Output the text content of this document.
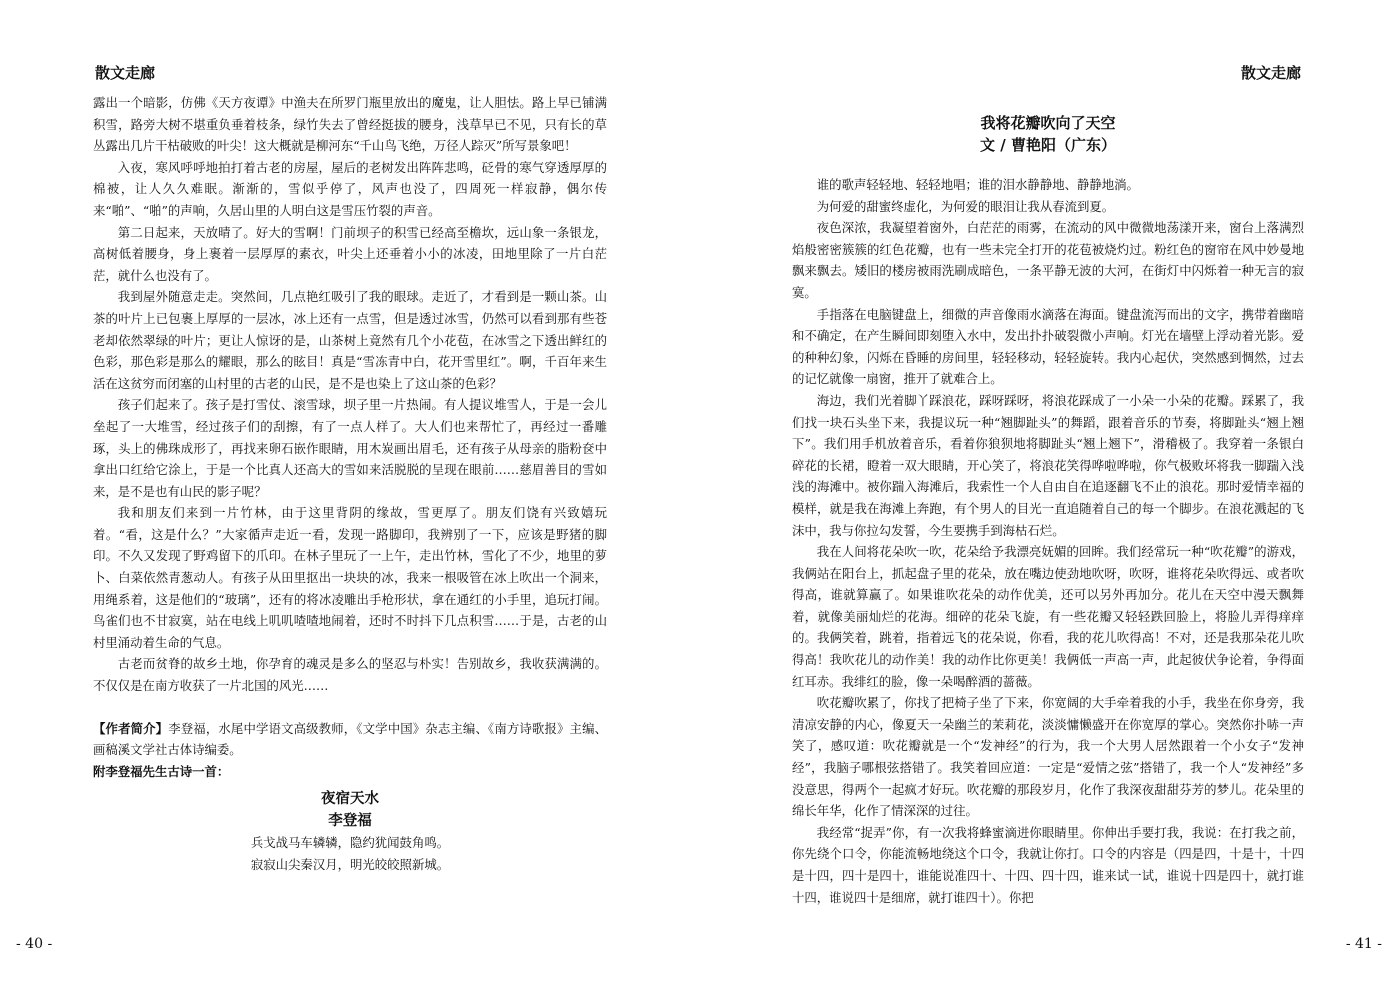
散文走廊

露出一个暗影，仿佛《天方夜谭》中渔夫在所罗门瓶里放出的魔鬼，让人胆怯。路上早已铺满积雪，路旁大树不堪重负垂着枝条，绿竹失去了曾经挺拔的腰身，浅草早已不见，只有长的草丛露出几片干枯破败的叶尖！这大概就是柳河东“千山鸟飞绝，万径人踪灭”所写景象吧！

入夜，寒风呼呼地拍打着古老的房屋，屋后的老树发出阵阵悲鸣，砭骨的寒气穿透厚厚的棉被，让人久久难眠。渐渐的，雪似乎停了，风声也没了，四周死一样寂静，偶尔传来“啪”、“啪”的声响，久居山里的人明白这是雪压竹裂的声音。

第二日起来，天放晴了。好大的雪啊！门前坝子的积雪已经高至檐坎，远山象一条银龙，高树低着腰身，身上裹着一层厚厚的素衣，叶尖上还垂着小小的冰凌，田地里除了一片白茫茫，就什么也没有了。

我到屋外随意走走。突然间，几点艳红吸引了我的眼球。走近了，才看到是一颗山茶。山茶的叶片上已包裹上厚厚的一层冰，冰上还有一点雪，但是透过冰雪，仍然可以看到那有些苍老却依然翠绿的叶片；更让人惊讶的是，山茶树上竟然有几个小花苞，在冰雪之下透出鲜红的色彩，那色彩是那么的耀眼，那么的眩目！真是“雪冻青中白，花开雪里红”。啊，千百年来生活在这贫穷而闭塞的山村里的古老的山民，是不是也染上了这山茶的色彩？

孩子们起来了。孩子是打雪仗、滚雪球，坝子里一片热闹。有人提议堆雪人，于是一会儿垒起了一大堆雪，经过孩子们的刮擦，有了一点人样了。大人们也来帮忙了，再经过一番雕琢，头上的佛珠成形了，再找来卵石嵌作眼睛，用木炭画出眉毛，还有孩子从母亲的脂粉奁中拿出口红给它涂上，于是一个比真人还高大的雪如来活脱脱的呈现在眼前……慈眉善目的雪如来，是不是也有山民的影子呢？

我和朋友们来到一片竹林，由于这里背阴的缘故，雪更厚了。朋友们饶有兴致嬉玩着。“看，这是什么？”大家循声走近一看，发现一路脚印，我辨别了一下，应该是野猪的脚印。不久又发现了野鸡留下的爪印。在林子里玩了一上午，走出竹林，雪化了不少，地里的萝卜、白菜依然青葱动人。有孩子从田里抠出一块块的冰，我来一根吸管在冰上吹出一个洞来，用绳系着，这是他们的“玻璃”，还有的将冰凌雕出手枪形状，拿在通红的小手里，追玩打闹。鸟雀们也不甘寂寞，站在电线上叽叽喳喳地闹着，还时不时抖下几点积雪……于是，古老的山村里涌动着生命的气息。

古老而贫脊的故乡土地，你孕育的魂灵是多么的坚忍与朴实！告别故乡，我收获满满的。不仅仅是在南方收获了一片北国的风光……

【作者简介】李登福，水尾中学语文高级教师，《文学中国》杂志主编、《南方诗歌报》主编、画稿溪文学社古体诗编委。

附李登福先生古诗一首：

夜宿天水
李登福
兵戈战马车辚辚，隐约犹闻鼓角鸣。
寂寂山尖秦汉月，明光皎皎照新城。
- 40 -
散文走廊
我将花瓣吹向了天空
文 / 曹艳阳（广东）

谁的歌声轻轻地、轻轻地唱；谁的泪水静静地、静静地淌。

为何爱的甜蜜终虚化，为何爱的眼泪让我从春流到夏。

夜色深浓，我凝望着窗外，白茫茫的雨雾，在流动的风中微微地荡漾开来，窗台上落满烈焰般密密簇簇的红色花瓣，也有一些未完全打开的花苞被烧灼过。粉红色的窗帘在风中妙曼地飘来飘去。矮旧的楼房被雨洗刷成暗色，一条平静无波的大河，在街灯中闪烁着一种无言的寂寞。

手指落在电脑键盘上，细微的声音像雨水滴落在海面。键盘流泻而出的文字，携带着幽暗和不确定，在产生瞬间即刻堕入水中，发出扑扑破裂微小声响。灯光在墙壁上浮动着光影。爱的种种幻象，闪烁在昏睡的房间里，轻轻移动，轻轻旋转。我内心起伏，突然感到惆然，过去的记忆就像一扇窗，推开了就难合上。

海边，我们光着脚丫踩浪花，踩呀踩呀，将浪花踩成了一小朵一小朵的花瓣。踩累了，我们找一块石头坐下来，我提议玩一种“翘脚趾头”的舞蹈，跟着音乐的节奏，将脚趾头“翘上翘下”。我们用手机放着音乐，看着你狼狈地将脚趾头“翘上翘下”，滑稽极了。我穿着一条银白碎花的长裙，瞪着一双大眼睛，开心笑了，将浪花笑得哗啦哗啦，你气极败坏将我一脚踹入浅浅的海滩中。被你踹入海滩后，我索性一个人自由自在追逐翻飞不止的浪花。那时爱情幸福的模样，就是我在海滩上奔跑，有个男人的目光一直追随着自己的每一个脚步。在浪花溅起的飞沫中，我与你拉勾发誓，今生要携手到海枯石烂。

我在人间将花朵吹一吹，花朵给予我漂亮妩媚的回眸。我们经常玩一种“吹花瓣”的游戏，我俩站在阳台上，抓起盘子里的花朵，放在嘴边使劲地吹呀，吹呀，谁将花朵吹得远、或者吹得高，谁就算赢了。如果谁吹花朵的动作优美，还可以另外再加分。花儿在天空中漫天飘舞着，就像美丽灿烂的花海。细碎的花朵飞旋，有一些花瓣又轻轻跌回脸上，将脸儿弄得痒痒的。我俩笑着，跳着，指着远飞的花朵说，你看，我的花儿吹得高！不对，还是我那朵花儿吹得高！我吹花儿的动作美！我的动作比你更美！我俩低一声高一声，此起彼伏争论着，争得面红耳赤。我绯红的脸，像一朵喝醉酒的蔷薇。

吹花瓣吹累了，你找了把椅子坐了下来，你宽阔的大手牵着我的小手，我坐在你身旁，我清凉安静的内心，像夏天一朵幽兰的茉莉花，淡淡慵懒盛开在你宽厚的掌心。突然你扑哧一声笑了，感叹道：吹花瓣就是一个“发神经”的行为，我一个大男人居然跟着一个小女子“发神经”，我脑子哪根弦搭错了。我笑着回应道：一定是“爱情之弦”搭错了，我一个人“发神经”多没意思，得两个一起疯才好玩。吹花瓣的那段岁月，化作了我深夜甜甜芬芳的梦儿。花朵里的绵长年华，化作了情深深的过往。

我经常“捉弄”你，有一次我将蜂蜜滴进你眼睛里。你伸出手要打我，我说：在打我之前，你先绕个口令，你能流畅地绕这个口令，我就让你打。口令的内容是（四是四，十是十，十四是十四，四十是四十，谁能说准四十、十四、四十四，谁来试一试，谁说十四是四十，就打谁十四，谁说四十是细席，就打谁四十）。你把

- 41 -
